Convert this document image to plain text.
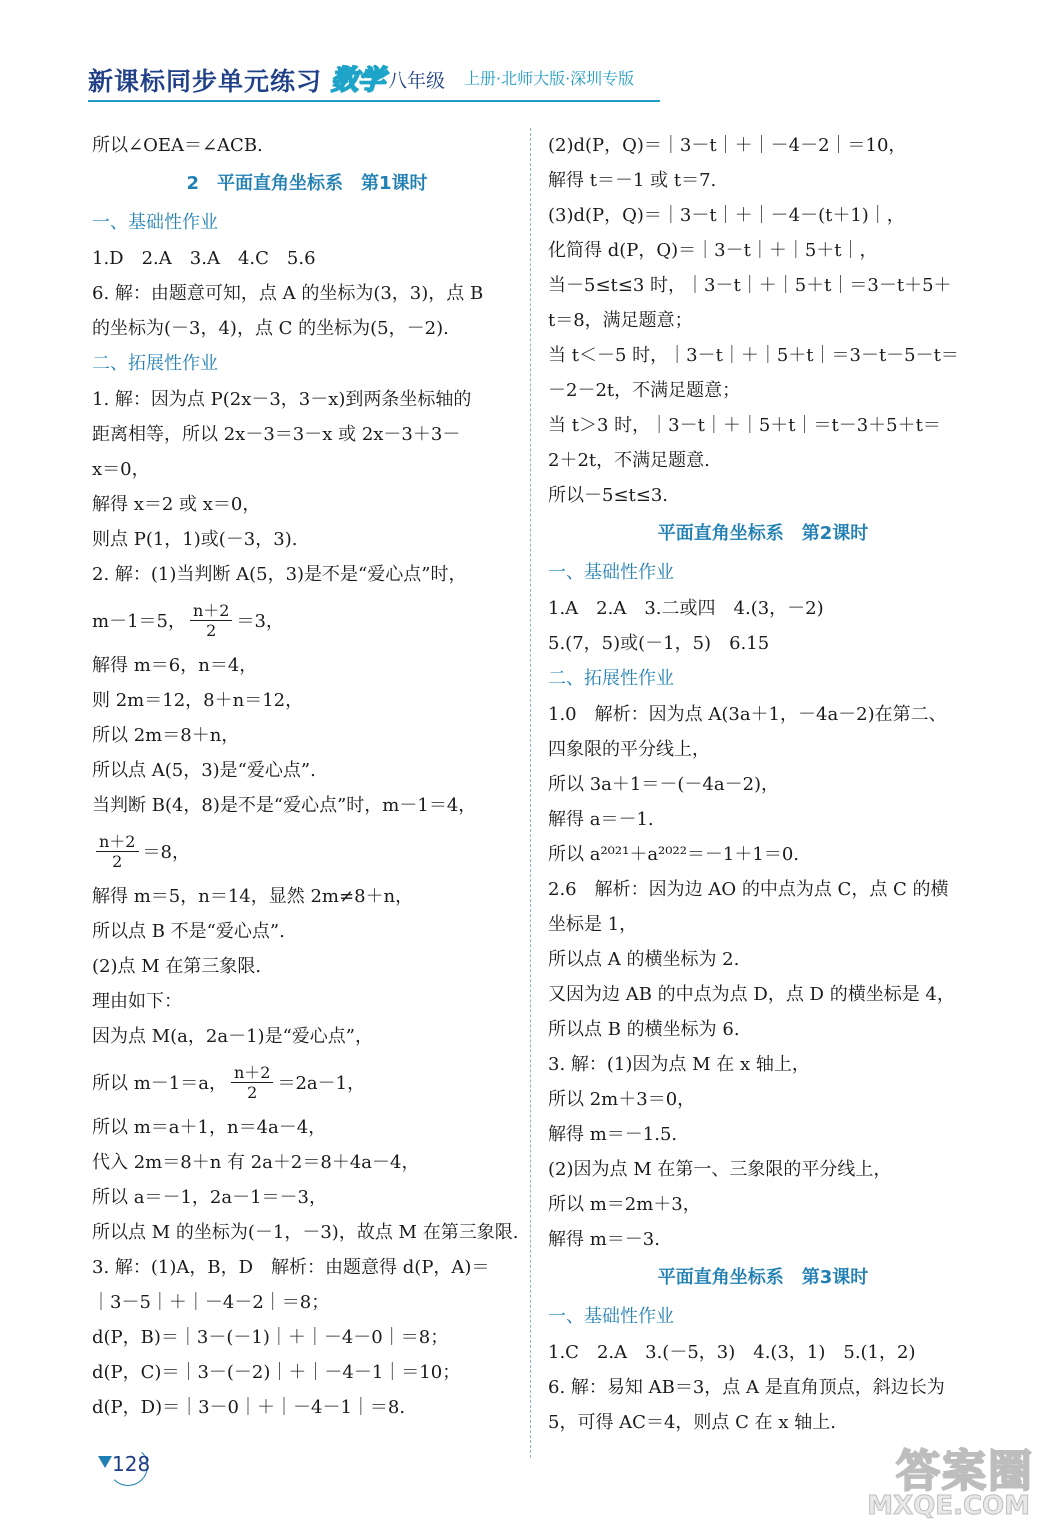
新课标同步单元练习 数学 八年级 上册·北师大版·深圳专版
所以∠OEA＝∠ACB.
2　平面直角坐标系　第1课时
一、基础性作业
1.D　2.A　3.A　4.C　5.6
6. 解：由题意可知，点 A 的坐标为(3，3)，点 B
的坐标为(－3，4)，点 C 的坐标为(5，－2).
二、拓展性作业
1. 解：因为点 P(2x－3，3－x)到两条坐标轴的
距离相等，所以 2x－3＝3－x 或 2x－3＋3－
x＝0，
解得 x＝2 或 x＝0，
则点 P(1，1)或(－3，3).
2. 解：(1)当判断 A(5，3)是不是“爱心点”时，
m－1＝5， $\frac{n+2}{2} =3$，
解得 m＝6，n＝4，
则 2m＝12，8＋n＝12，
所以 2m＝8＋n，
所以点 A(5，3)是“爱心点”.
当判断 B(4，8)是不是“爱心点”时，m－1＝4，
$\frac{n+2}{2} =8$，
解得 m＝5，n＝14，显然 2m≠8＋n，
所以点 B 不是“爱心点”.
(2)点 M 在第三象限.
理由如下：
因为点 M(a，2a－1)是“爱心点”，
所以 m－1＝a， $\frac{n+2}{2} =2a-1$，
所以 m＝a＋1，n＝4a－4，
代入 2m＝8＋n 有 2a＋2＝8＋4a－4，
所以 a＝－1，2a－1＝－3，
所以点 M 的坐标为(－1，－3)，故点 M 在第三象限.
3. 解：(1)A，B，D　解析：由题意得 d(P，A)＝
｜3－5｜＋｜－4－2｜＝8；
d(P，B)＝｜3－(－1)｜＋｜－4－0｜＝8；
d(P，C)＝｜3－(－2)｜＋｜－4－1｜＝10；
d(P，D)＝｜3－0｜＋｜－4－1｜＝8.
(2)d(P，Q)＝｜3－t｜＋｜－4－2｜＝10，
解得 t＝－1 或 t＝7.
(3)d(P，Q)＝｜3－t｜＋｜－4－(t＋1)｜，
化简得 d(P，Q)＝｜3－t｜＋｜5＋t｜，
当－5≤t≤3 时，｜3－t｜＋｜5＋t｜＝3－t＋5＋
t＝8，满足题意；
当 t＜－5 时，｜3－t｜＋｜5＋t｜＝3－t－5－t＝
－2－2t，不满足题意；
当 t＞3 时，｜3－t｜＋｜5＋t｜＝t－3＋5＋t＝
2＋2t，不满足题意.
所以－5≤t≤3.
平面直角坐标系　第2课时
一、基础性作业
1.A　2.A　3.二或四　4.(3，－2)
5.(7，5)或(－1，5)　6.15
二、拓展性作业
1.0　解析：因为点 A(3a＋1，－4a－2)在第二、
四象限的平分线上，
所以 3a＋1＝－(－4a－2)，
解得 a＝－1.
所以 a²⁰²¹＋a²⁰²²＝－1＋1＝0.
2.6　解析：因为边 AO 的中点为点 C，点 C 的横
坐标是 1，
所以点 A 的横坐标为 2.
又因为边 AB 的中点为点 D，点 D 的横坐标是 4，
所以点 B 的横坐标为 6.
3. 解：(1)因为点 M 在 x 轴上，
所以 2m＋3＝0，
解得 m＝－1.5.
(2)因为点 M 在第一、三象限的平分线上，
所以 m＝2m＋3，
解得 m＝－3.
平面直角坐标系　第3课时
一、基础性作业
1.C　2.A　3.(－5，3)　4.(3，1)　5.(1，2)
6. 解：易知 AB＝3，点 A 是直角顶点，斜边长为
5，可得 AC＝4，则点 C 在 x 轴上.
128	答案圈
MXQE.COM
